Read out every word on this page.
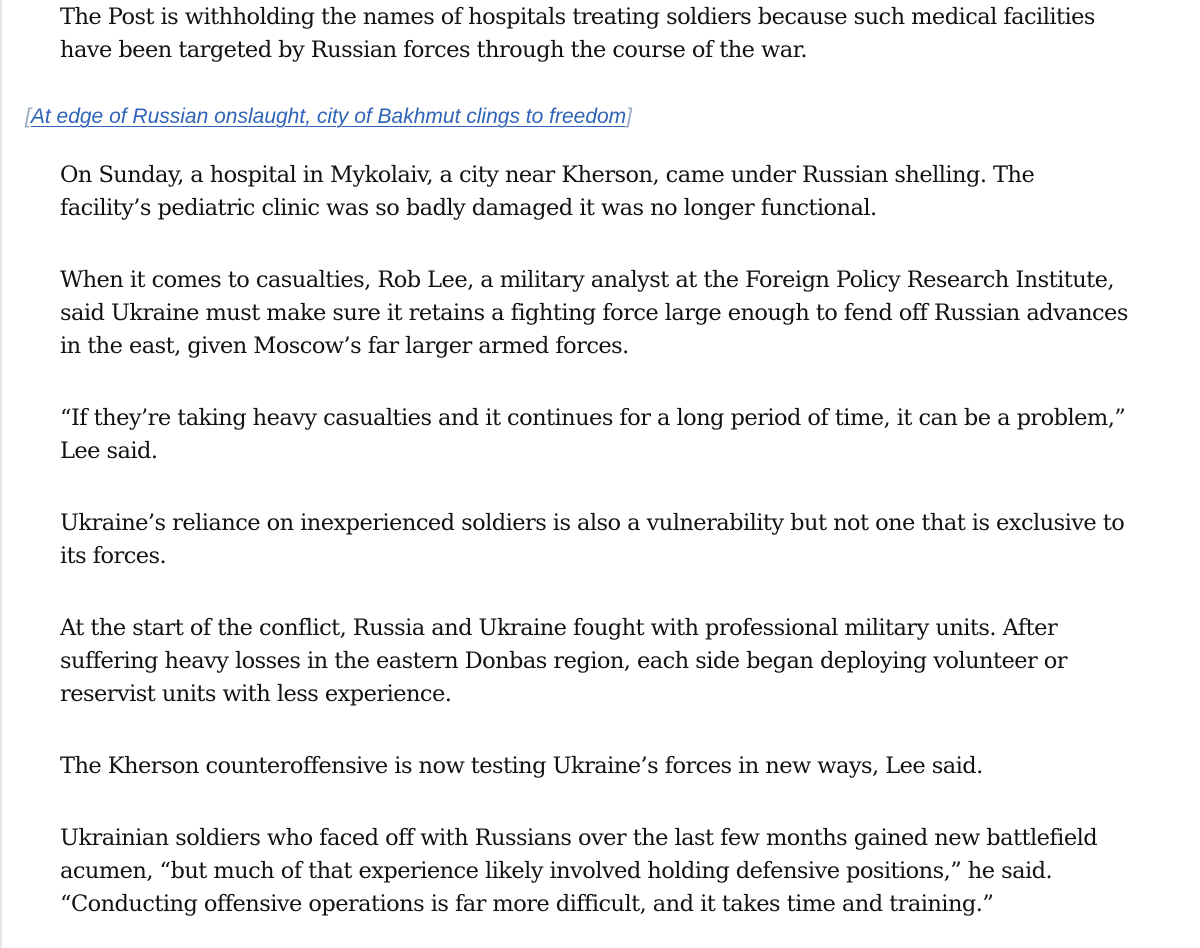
The Post is withholding the names of hospitals treating soldiers because such medical facilities
have been targeted by Russian forces through the course of the war.

[At edge of Russian onslaught, city of Bakhmut clings to freedom]

On Sunday, a hospital in Mykolaiv, a city near Kherson, came under Russian shelling. The
facility’s pediatric clinic was so badly damaged it was no longer functional.

When it comes to casualties, Rob Lee, a military analyst at the Foreign Policy Research Institute,
said Ukraine must make sure it retains a fighting force large enough to fend off Russian advances
in the east, given Moscow’s far larger armed forces.

“If they’re taking heavy casualties and it continues for a long period of time, it can be a problem,”
Lee said.

Ukraine’s reliance on inexperienced soldiers is also a vulnerability but not one that is exclusive to
its forces.

At the start of the conflict, Russia and Ukraine fought with professional military units. After
suffering heavy losses in the eastern Donbas region, each side began deploying volunteer or
reservist units with less experience.

The Kherson counteroffensive is now testing Ukraine’s forces in new ways, Lee said.

Ukrainian soldiers who faced off with Russians over the last few months gained new battlefield
acumen, “but much of that experience likely involved holding defensive positions,” he said.
“Conducting offensive operations is far more difficult, and it takes time and training.”
